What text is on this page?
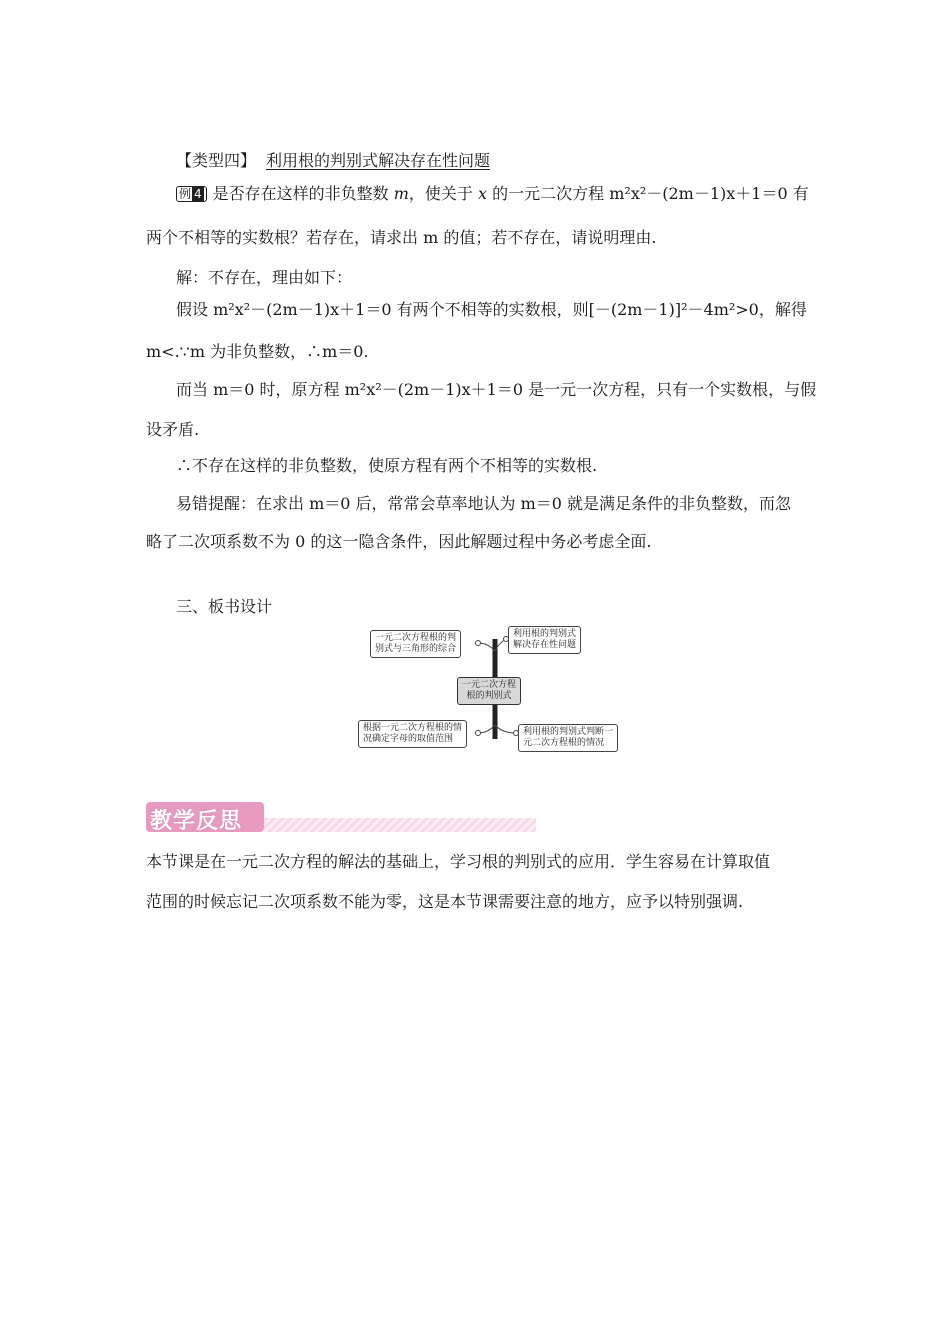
【类型四】 利用根的判别式解决存在性问题
例 4 是否存在这样的非负整数 m，使关于 x 的一元二次方程 m²x²－(2m－1)x＋1＝0 有
两个不相等的实数根？若存在，请求出 m 的值；若不存在，请说明理由.
解：不存在，理由如下：
假设 m²x²－(2m－1)x＋1＝0 有两个不相等的实数根，则[－(2m－1)]²－4m²>0，解得
m<.∵m 为非负整数，∴m＝0.
而当 m＝0 时，原方程 m²x²－(2m－1)x＋1＝0 是一元一次方程，只有一个实数根，与假
设矛盾.
∴不存在这样的非负整数，使原方程有两个不相等的实数根.
易错提醒：在求出 m＝0 后，常常会草率地认为 m＝0 就是满足条件的非负整数，而忽
略了二次项系数不为 0 的这一隐含条件，因此解题过程中务必考虑全面.
三、板书设计
一元二次方程
根的判别式
一元二次方程根的判
别式与三角形的综合
利用根的判别式
解决存在性问题
根据一元二次方程根的情
况确定字母的取值范围
利用根的判别式判断一
元二次方程根的情况
教学反思
本节课是在一元二次方程的解法的基础上，学习根的判别式的应用．学生容易在计算取值
范围的时候忘记二次项系数不能为零，这是本节课需要注意的地方，应予以特别强调.
